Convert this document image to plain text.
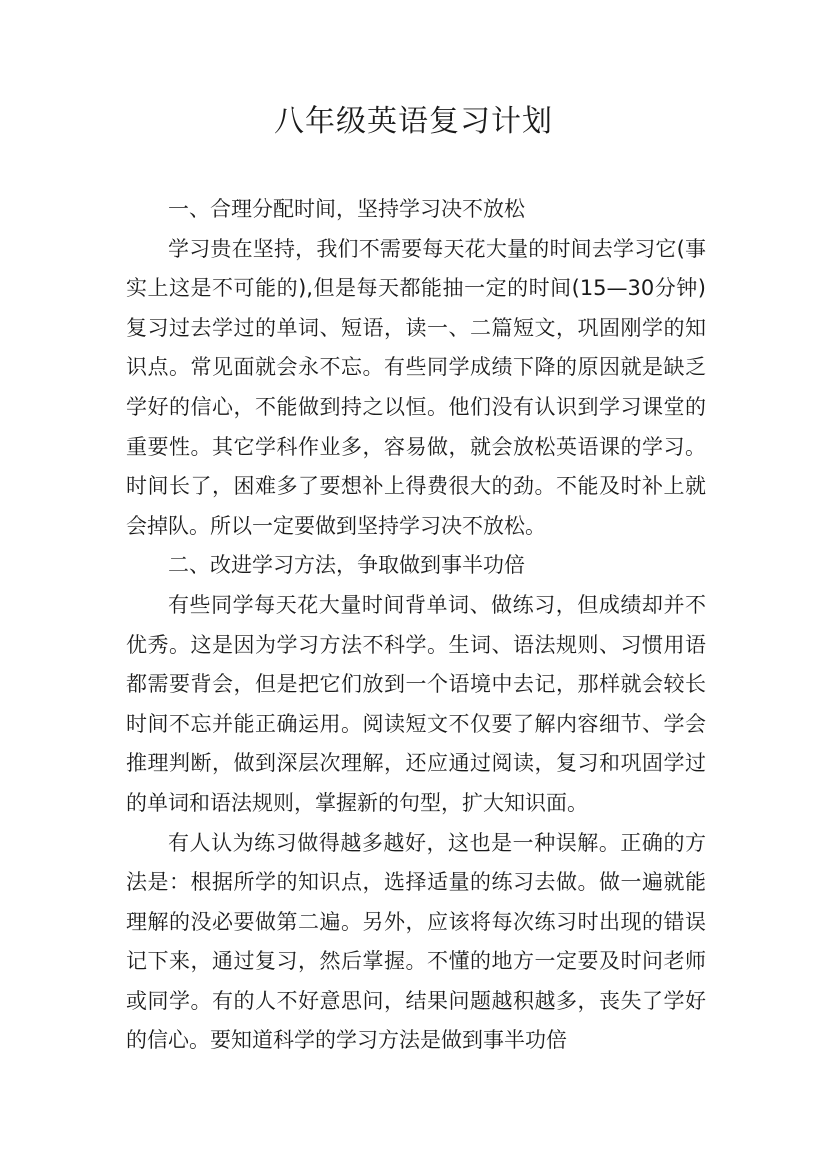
八年级英语复习计划

一、合理分配时间，坚持学习决不放松

学习贵在坚持，我们不需要每天花大量的时间去学习它(事实上这是不可能的),但是每天都能抽一定的时间(15—30分钟)复习过去学过的单词、短语，读一、二篇短文，巩固刚学的知识点。常见面就会永不忘。有些同学成绩下降的原因就是缺乏学好的信心，不能做到持之以恒。他们没有认识到学习课堂的重要性。其它学科作业多，容易做，就会放松英语课的学习。时间长了，困难多了要想补上得费很大的劲。不能及时补上就会掉队。所以一定要做到坚持学习决不放松。

二、改进学习方法，争取做到事半功倍

有些同学每天花大量时间背单词、做练习，但成绩却并不优秀。这是因为学习方法不科学。生词、语法规则、习惯用语都需要背会，但是把它们放到一个语境中去记，那样就会较长时间不忘并能正确运用。阅读短文不仅要了解内容细节、学会推理判断，做到深层次理解，还应通过阅读，复习和巩固学过的单词和语法规则，掌握新的句型，扩大知识面。

有人认为练习做得越多越好，这也是一种误解。正确的方法是：根据所学的知识点，选择适量的练习去做。做一遍就能理解的没必要做第二遍。另外，应该将每次练习时出现的错误记下来，通过复习，然后掌握。不懂的地方一定要及时问老师或同学。有的人不好意思问，结果问题越积越多，丧失了学好的信心。要知道科学的学习方法是做到事半功倍
